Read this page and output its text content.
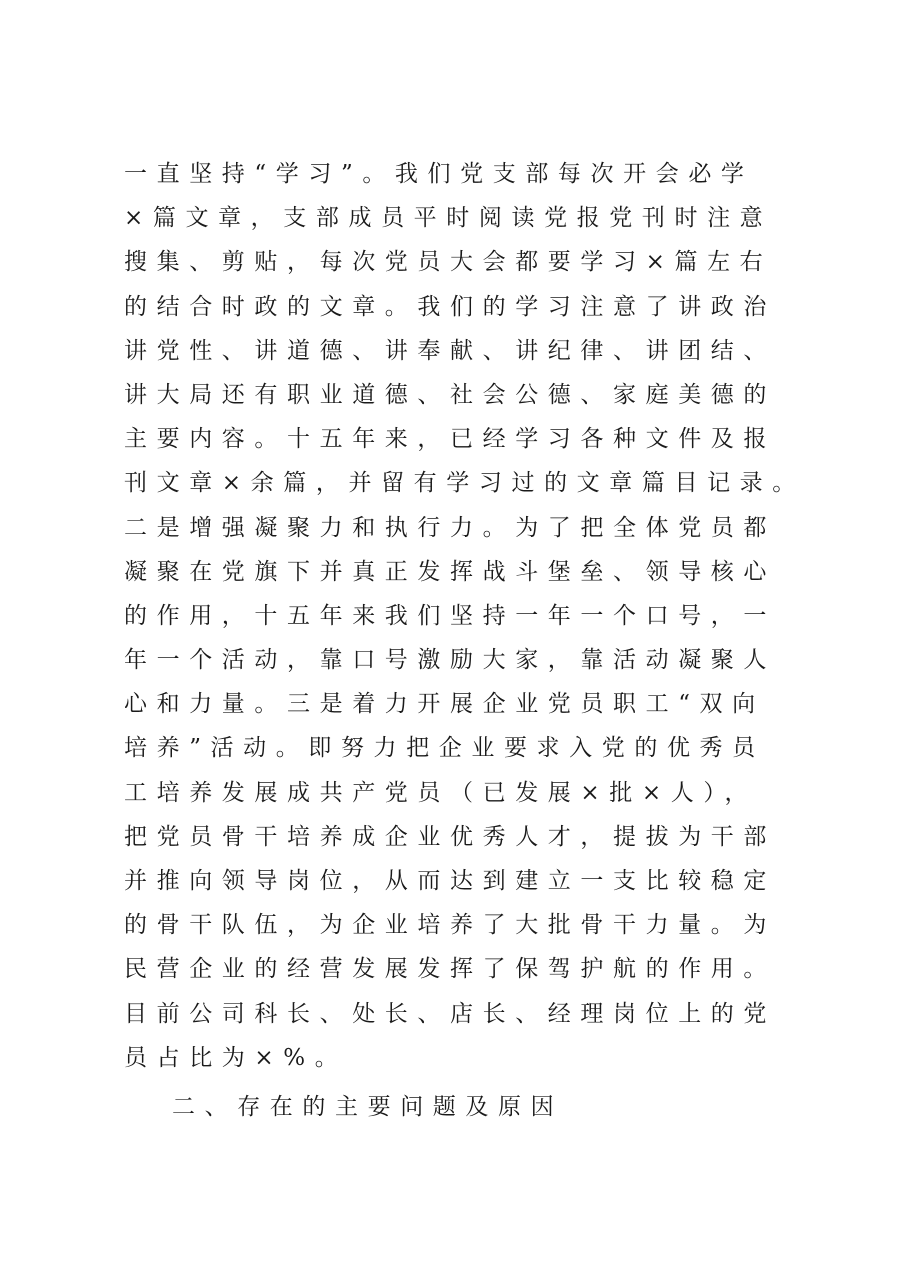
一直坚持“学习”。我们党支部每次开会必学
×篇文章，支部成员平时阅读党报党刊时注意
搜集、剪贴，每次党员大会都要学习×篇左右
的结合时政的文章。我们的学习注意了讲政治
讲党性、讲道德、讲奉献、讲纪律、讲团结、
讲大局还有职业道德、社会公德、家庭美德的
主要内容。十五年来，已经学习各种文件及报
刊文章×余篇，并留有学习过的文章篇目记录。
二是增强凝聚力和执行力。为了把全体党员都
凝聚在党旗下并真正发挥战斗堡垒、领导核心
的作用，十五年来我们坚持一年一个口号，一
年一个活动，靠口号激励大家，靠活动凝聚人
心和力量。三是着力开展企业党员职工“双向
培养”活动。即努力把企业要求入党的优秀员
工培养发展成共产党员（已发展×批×人），
把党员骨干培养成企业优秀人才，提拔为干部
并推向领导岗位，从而达到建立一支比较稳定
的骨干队伍，为企业培养了大批骨干力量。为
民营企业的经营发展发挥了保驾护航的作用。
目前公司科长、处长、店长、经理岗位上的党
员占比为×%。
二、存在的主要问题及原因
